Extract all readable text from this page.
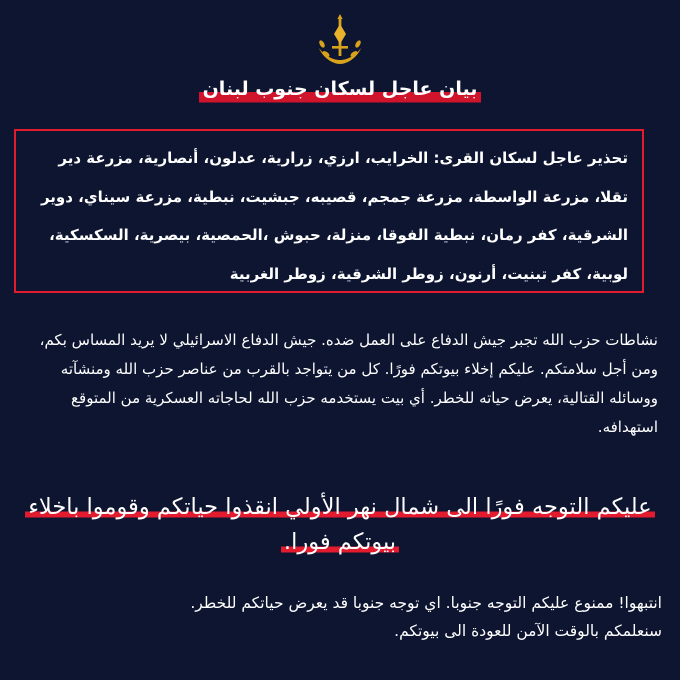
بيان عاجل لسكان جنوب لبنان
تحذير عاجل لسكان القرى: الخرايب، ارزي، زرارية، عدلون، أنصارية، مزرعة دير تقلا، مزرعة الواسطة، مزرعة جمجم، قصيبه، جبشيت، نبطية، مزرعة سيناي، دوير الشرقية، كفر رمان، نبطية الفوقا، منزلة، حبوش ،الحمصية، بيصرية، السكسكية، لوبية، كفر تبنيت، أرنون، زوطر الشرقية، زوطر الغربية
نشاطات حزب الله تجبر جيش الدفاع على العمل ضده. جيش الدفاع الاسرائيلي لا يريد المساس بكم، ومن أجل سلامتكم. عليكم إخلاء بيوتكم فورًا. كل من يتواجد بالقرب من عناصر حزب الله ومنشآته ووسائله القتالية، يعرض حياته للخطر. أي بيت يستخدمه حزب الله لحاجاته العسكرية من المتوقع استهدافه.
عليكم التوجه فورًا الى شمال نهر الأولي انقذوا حياتكم وقوموا باخلاء بيوتكم فورا.
انتبهوا! ممنوع عليكم التوجه جنوبا. اي توجه جنوبا قد يعرض حياتكم للخطر.
سنعلمكم بالوقت الآمن للعودة الى بيوتكم.
